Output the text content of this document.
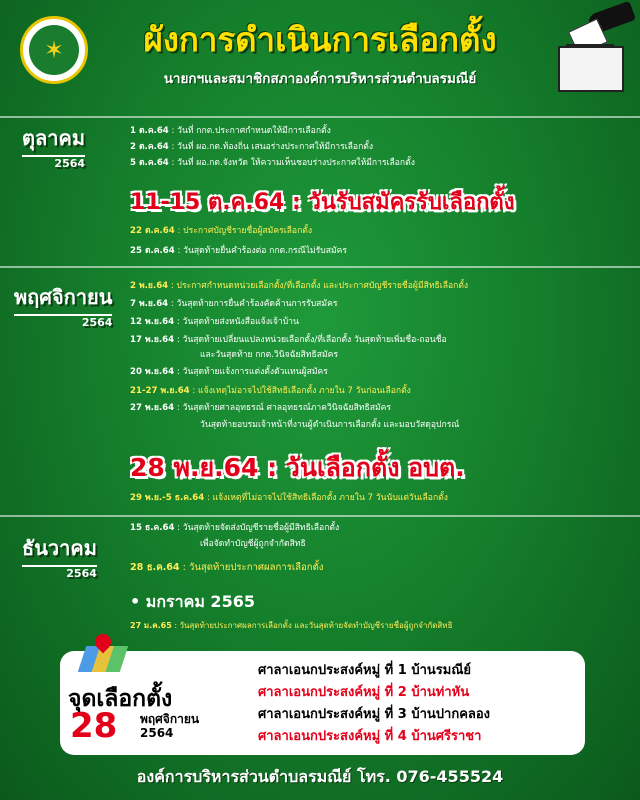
✶	ผังการดำเนินการเลือกตั้ง
นายกฯและสมาชิกสภาองค์การบริหารส่วนตำบลรมณีย์
ตุลาคม
2564
1 ต.ค.64 : วันที่ กกต.ประกาศกำหนดให้มีการเลือกตั้ง
2 ต.ค.64 : วันที่ ผอ.กต.ท้องถิ่น เสนอร่างประกาศให้มีการเลือกตั้ง
5 ต.ค.64 : วันที่ ผอ.กต.จังหวัด ให้ความเห็นชอบร่างประกาศให้มีการเลือกตั้ง
11-15 ต.ค.64 : วันรับสมัครรับเลือกตั้ง
22 ต.ค.64 : ประกาศบัญชีรายชื่อผู้สมัครเลือกตั้ง
25 ต.ค.64 : วันสุดท้ายยื่นคำร้องต่อ กกต.กรณีไม่รับสมัคร
พฤศจิกายน
2564
2 พ.ย.64 : ประกาศกำหนดหน่วยเลือกตั้ง/ที่เลือกตั้ง และประกาศบัญชีรายชื่อผู้มีสิทธิเลือกตั้ง
7 พ.ย.64 : วันสุดท้ายการยื่นคำร้องคัดค้านการรับสมัคร
12 พ.ย.64 : วันสุดท้ายส่งหนังสือแจ้งเจ้าบ้าน
17 พ.ย.64 : วันสุดท้ายเปลี่ยนแปลงหน่วยเลือกตั้ง/ที่เลือกตั้ง วันสุดท้ายเพิ่มชื่อ-ถอนชื่อ
และวันสุดท้าย กกต.วินิจฉัยสิทธิสมัคร
20 พ.ย.64 : วันสุดท้ายแจ้งการแต่งตั้งตัวแทนผู้สมัคร
21-27 พ.ย.64 : แจ้งเหตุไม่อาจไปใช้สิทธิเลือกตั้ง ภายใน 7 วันก่อนเลือกตั้ง
27 พ.ย.64 : วันสุดท้ายศาลอุทธรณ์ ศาลอุทธรณ์ภาควินิจฉัยสิทธิสมัคร
วันสุดท้ายอบรมเจ้าหน้าที่งานผู้ดำเนินการเลือกตั้ง และมอบวัสดุอุปกรณ์
28 พ.ย.64 : วันเลือกตั้ง อบต.
29 พ.ย.-5 ธ.ค.64 : แจ้งเหตุที่ไม่อาจไปใช้สิทธิเลือกตั้ง ภายใน 7 วันนับแต่วันเลือกตั้ง
ธันวาคม
2564
15 ธ.ค.64 : วันสุดท้ายจัดส่งบัญชีรายชื่อผู้มีสิทธิเลือกตั้ง
เพื่อจัดทำบัญชีผู้ถูกจำกัดสิทธิ
28 ธ.ค.64 : วันสุดท้ายประกาศผลการเลือกตั้ง
• มกราคม 2565
27 ม.ค.65 : วันสุดท้ายประกาศผลการเลือกตั้ง และวันสุดท้ายจัดทำบัญชีรายชื่อผู้ถูกจำกัดสิทธิ
จุดเลือกตั้ง
28 พฤศจิกายน
2564
ศาลาเอนกประสงค์หมู่ ที่ 1 บ้านรมณีย์
ศาลาเอนกประสงค์หมู่ ที่ 2 บ้านท่าหัน
ศาลาเอนกประสงค์หมู่ ที่ 3 บ้านปากคลอง
ศาลาเอนกประสงค์หมู่ ที่ 4 บ้านศรีราชา
องค์การบริหารส่วนตำบลรมณีย์ โทร. 076-455524
